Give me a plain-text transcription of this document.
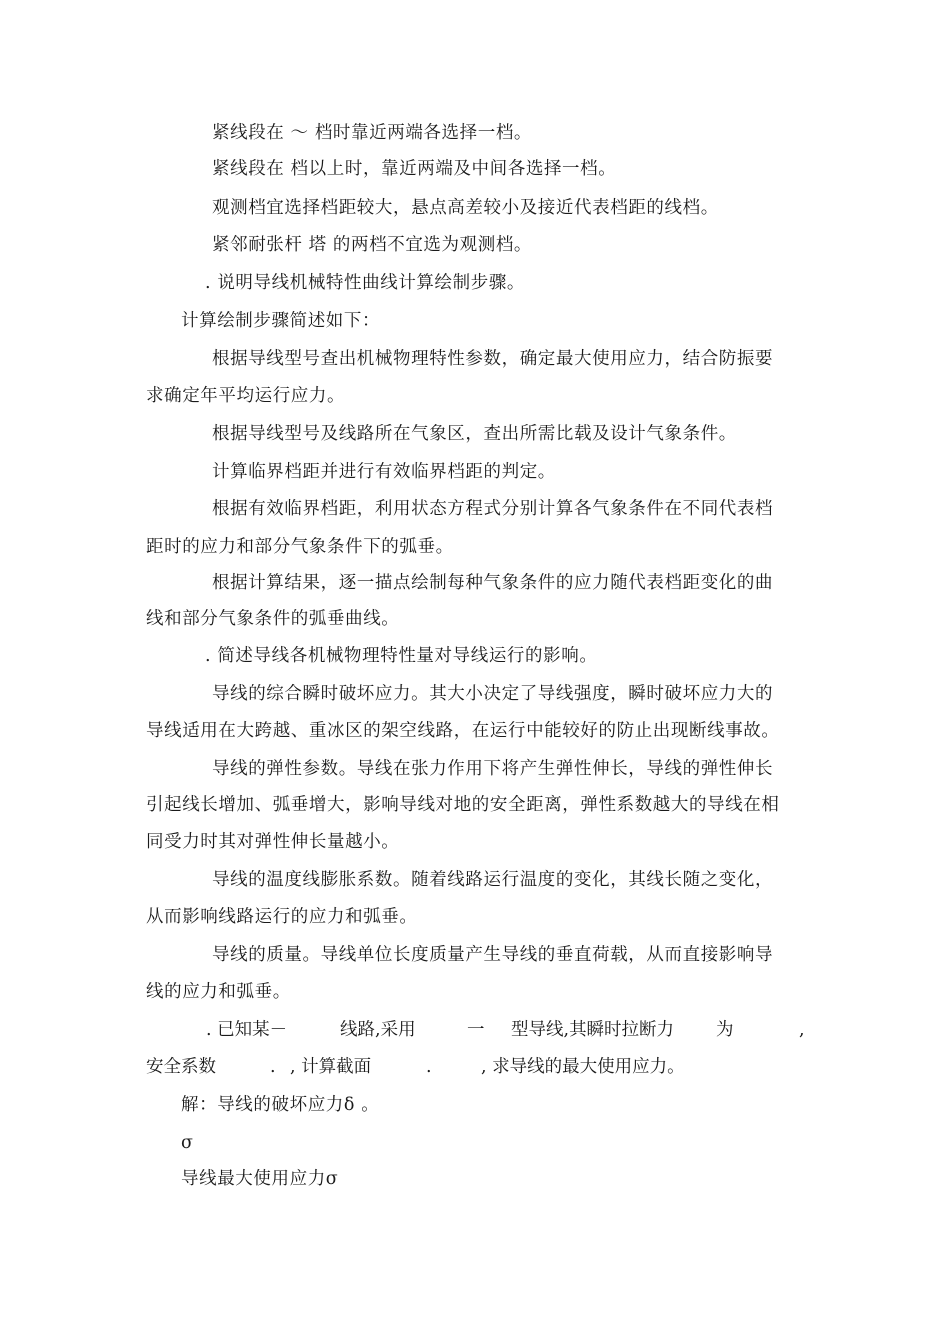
紧线段在 ～ 档时靠近两端各选择一档。
紧线段在 档以上时，靠近两端及中间各选择一档。
观测档宜选择档距较大，悬点高差较小及接近代表档距的线档。
紧邻耐张杆 塔 的两档不宜选为观测档。
. 说明导线机械特性曲线计算绘制步骤。
计算绘制步骤简述如下：
根据导线型号查出机械物理特性参数，确定最大使用应力，结合防振要
求确定年平均运行应力。
根据导线型号及线路所在气象区，查出所需比载及设计气象条件。
计算临界档距并进行有效临界档距的判定。
根据有效临界档距，利用状态方程式分别计算各气象条件在不同代表档
距时的应力和部分气象条件下的弧垂。
根据计算结果，逐一描点绘制每种气象条件的应力随代表档距变化的曲
线和部分气象条件的弧垂曲线。
. 简述导线各机械物理特性量对导线运行的影响。
导线的综合瞬时破坏应力。其大小决定了导线强度，瞬时破坏应力大的
导线适用在大跨越、重冰区的架空线路，在运行中能较好的防止出现断线事故。
导线的弹性参数。导线在张力作用下将产生弹性伸长，导线的弹性伸长
引起线长增加、弧垂增大，影响导线对地的安全距离，弹性系数越大的导线在相
同受力时其对弹性伸长量越小。
导线的温度线膨胀系数。随着线路运行温度的变化，其线长随之变化，
从而影响线路运行的应力和弧垂。
导线的质量。导线单位长度质量产生导线的垂直荷载，从而直接影响导
线的应力和弧垂。
. 已知某－	线路,采用	一 型导线,其瞬时拉断力 为	,
安全系数	. , 计算截面	.	, 求导线的最大使用应力。
解：导线的破坏应力δ 。
σ
导线最大使用应力σ
